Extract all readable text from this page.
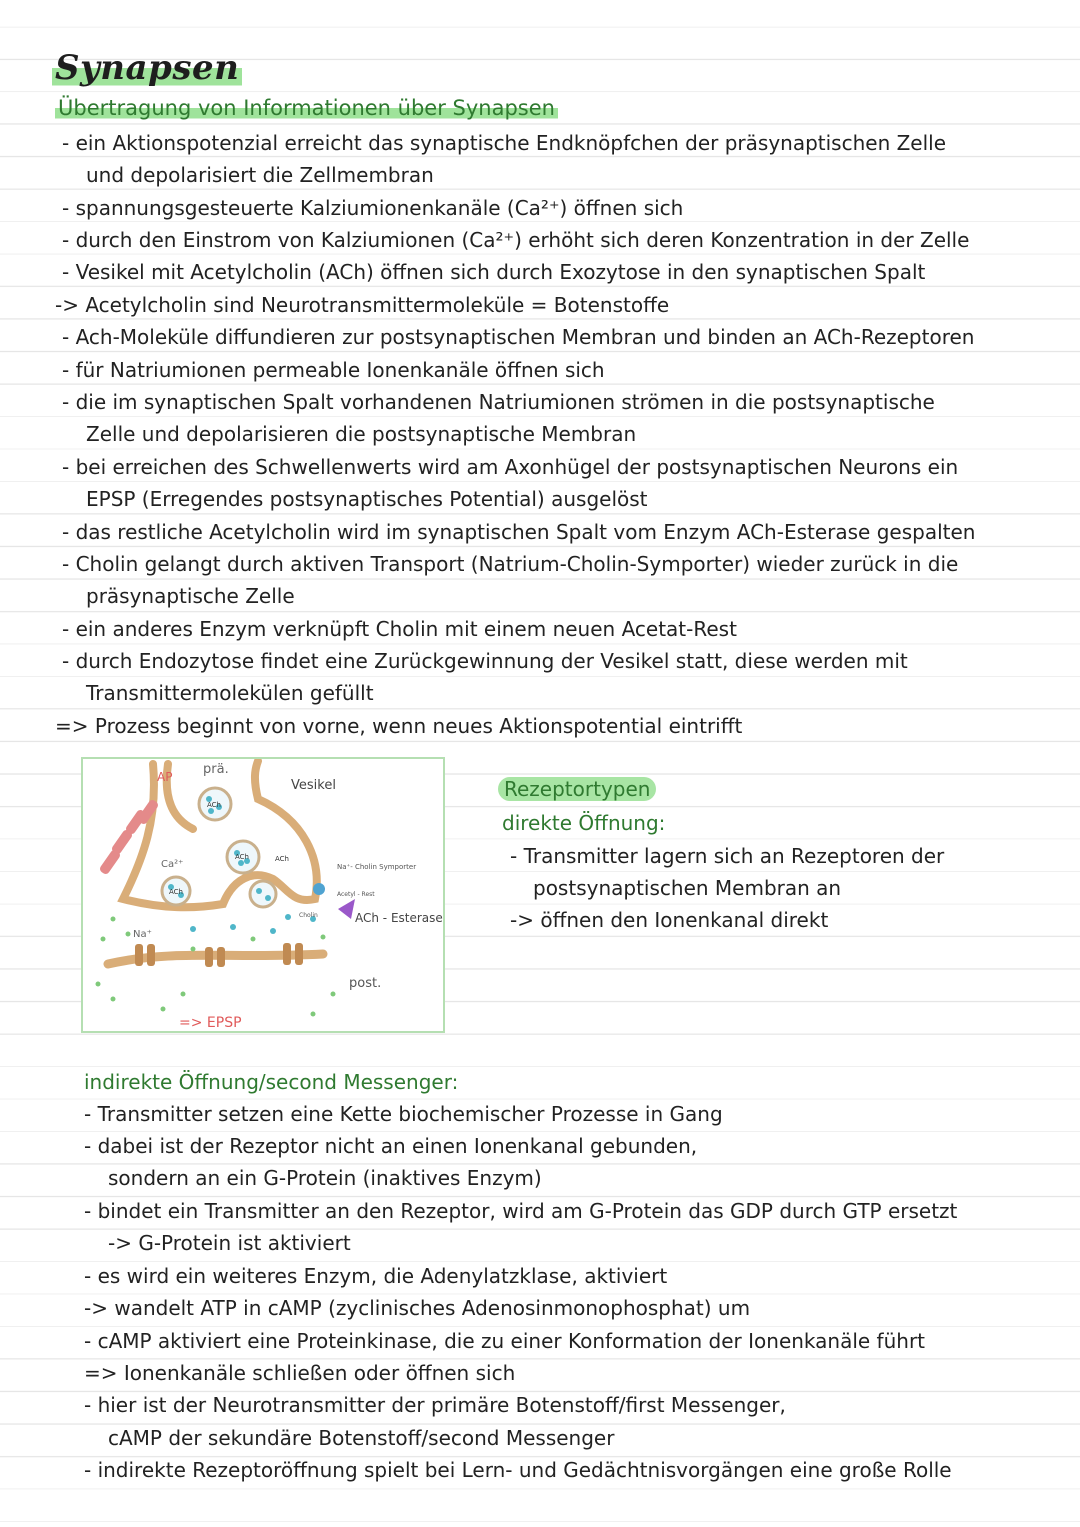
Synapsen
Übertragung von Informationen über Synapsen
- ein Aktionspotenzial erreicht das synaptische Endknöpfchen der präsynaptischen Zelle
und depolarisiert die Zellmembran
- spannungsgesteuerte Kalziumionenkanäle (Ca²⁺) öffnen sich
- durch den Einstrom von Kalziumionen (Ca²⁺) erhöht sich deren Konzentration in der Zelle
- Vesikel mit Acetylcholin (ACh) öffnen sich durch Exozytose in den synaptischen Spalt
-> Acetylcholin sind Neurotransmittermoleküle = Botenstoffe
- Ach-Moleküle diffundieren zur postsynaptischen Membran und binden an ACh-Rezeptoren
- für Natriumionen permeable Ionenkanäle öffnen sich
- die im synaptischen Spalt vorhandenen Natriumionen strömen in die postsynaptische
Zelle und depolarisieren die postsynaptische Membran
- bei erreichen des Schwellenwerts wird am Axonhügel der postsynaptischen Neurons ein
EPSP (Erregendes postsynaptisches Potential) ausgelöst
- das restliche Acetylcholin wird im synaptischen Spalt vom Enzym ACh-Esterase gespalten
- Cholin gelangt durch aktiven Transport (Natrium-Cholin-Symporter) wieder zurück in die
präsynaptische Zelle
- ein anderes Enzym verknüpft Cholin mit einem neuen Acetat-Rest
- durch Endozytose findet eine Zurückgewinnung der Vesikel statt, diese werden mit
Transmittermolekülen gefüllt
=> Prozess beginnt von vorne, wenn neues Aktionspotential eintrifft
AP prä.
Vesikel
ACh
ACh
ACh
ACh
Ca²⁺
Na⁺
Na⁺- Cholin Symporter
Acetyl - Rest
Cholin	ACh - Esterase
post.
=> EPSP
Rezeptortypen
direkte Öffnung:
- Transmitter lagern sich an Rezeptoren der
postsynaptischen Membran an
-> öffnen den Ionenkanal direkt
indirekte Öffnung/second Messenger:
- Transmitter setzen eine Kette biochemischer Prozesse in Gang
- dabei ist der Rezeptor nicht an einen Ionenkanal gebunden,
sondern an ein G-Protein (inaktives Enzym)
- bindet ein Transmitter an den Rezeptor, wird am G-Protein das GDP durch GTP ersetzt
-> G-Protein ist aktiviert
- es wird ein weiteres Enzym, die Adenylatzklase, aktiviert
-> wandelt ATP in cAMP (zyclinisches Adenosinmonophosphat) um
- cAMP aktiviert eine Proteinkinase, die zu einer Konformation der Ionenkanäle führt
=> Ionenkanäle schließen oder öffnen sich
- hier ist der Neurotransmitter der primäre Botenstoff/first Messenger,
cAMP der sekundäre Botenstoff/second Messenger
- indirekte Rezeptoröffnung spielt bei Lern- und Gedächtnisvorgängen eine große Rolle
